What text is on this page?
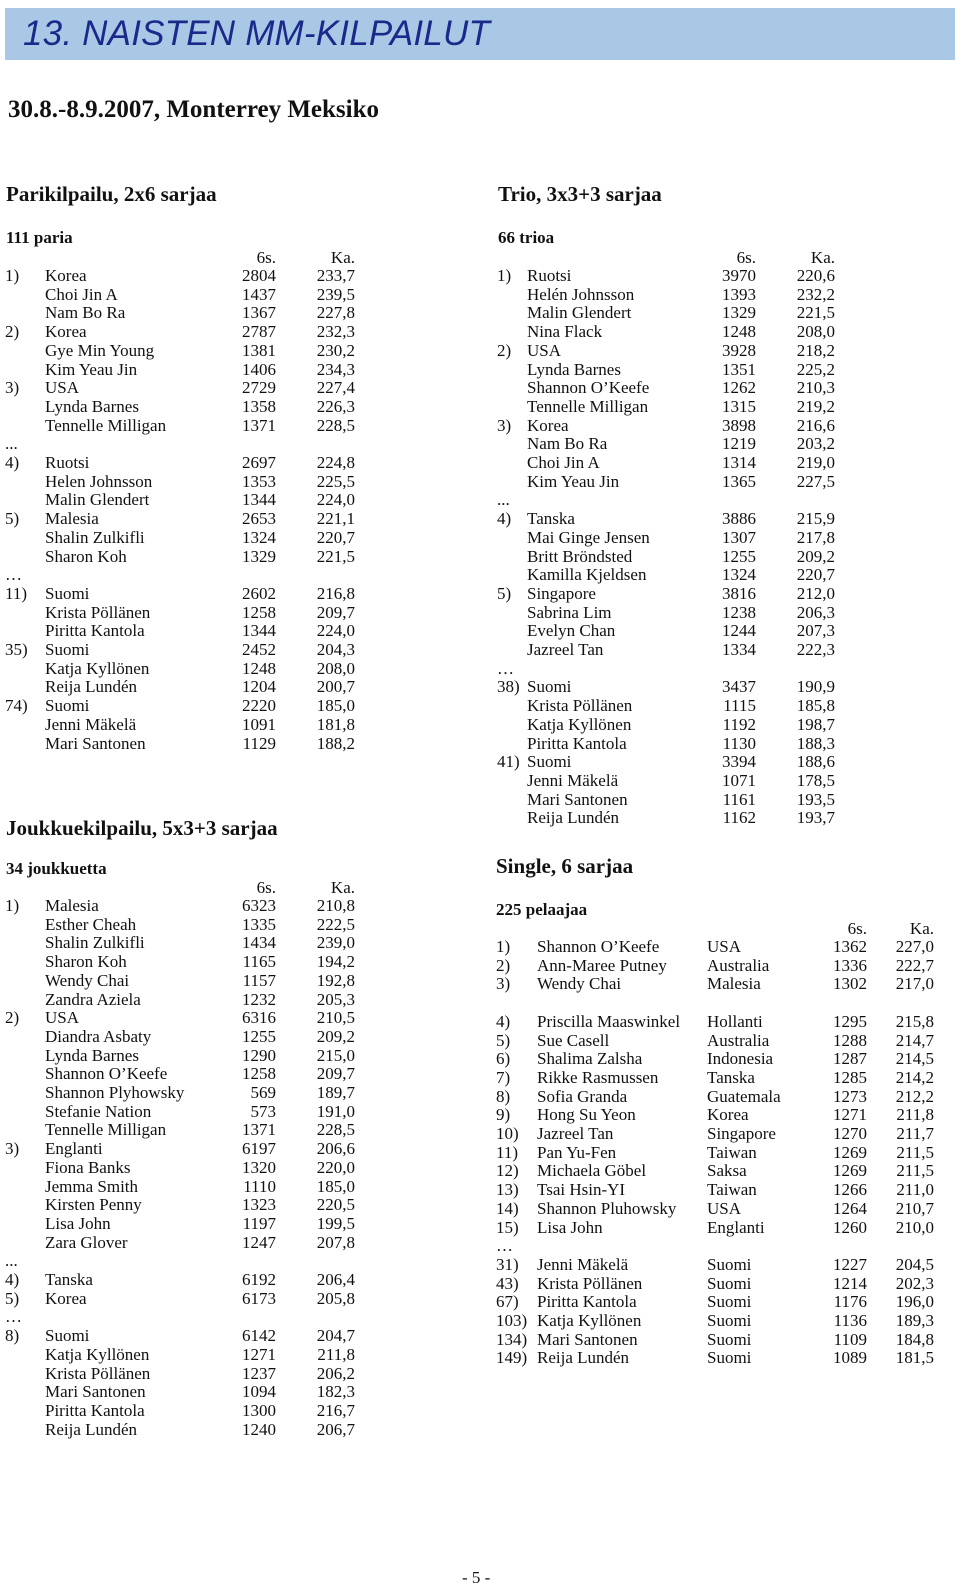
13. NAISTEN MM-KILPAILUT
30.8.-8.9.2007, Monterrey Meksiko
Parikilpailu, 2x6 sarjaa
111 paria
6s.	Ka.
1)	Korea	2804	233,7
Choi Jin A	1437	239,5
Nam Bo Ra	1367	227,8
2)	Korea	2787	232,3
Gye Min Young	1381	230,2
Kim Yeau Jin	1406	234,3
3)	USA	2729	227,4
Lynda Barnes	1358	226,3
Tennelle Milligan	1371	228,5
...
4)	Ruotsi	2697	224,8
Helen Johnsson	1353	225,5
Malin Glendert	1344	224,0
5)	Malesia	2653	221,1
Shalin Zulkifli	1324	220,7
Sharon Koh	1329	221,5
…
11)	Suomi	2602	216,8
Krista Pöllänen	1258	209,7
Piritta Kantola	1344	224,0
35)	Suomi	2452	204,3
Katja Kyllönen	1248	208,0
Reija Lundén	1204	200,7
74)	Suomi	2220	185,0
Jenni Mäkelä	1091	181,8
Mari Santonen	1129	188,2
Joukkuekilpailu, 5x3+3 sarjaa
34 joukkuetta
6s.	Ka.
1)	Malesia	6323	210,8
Esther Cheah	1335	222,5
Shalin Zulkifli	1434	239,0
Sharon Koh	1165	194,2
Wendy Chai	1157	192,8
Zandra Aziela	1232	205,3
2)	USA	6316	210,5
Diandra Asbaty	1255	209,2
Lynda Barnes	1290	215,0
Shannon O’Keefe	1258	209,7
Shannon Plyhowsky	569	189,7
Stefanie Nation	573	191,0
Tennelle Milligan	1371	228,5
3)	Englanti	6197	206,6
Fiona Banks	1320	220,0
Jemma Smith	1110	185,0
Kirsten Penny	1323	220,5
Lisa John	1197	199,5
Zara Glover	1247	207,8
...
4)	Tanska	6192	206,4
5)	Korea	6173	205,8
…
8)	Suomi	6142	204,7
Katja Kyllönen	1271	211,8
Krista Pöllänen	1237	206,2
Mari Santonen	1094	182,3
Piritta Kantola	1300	216,7
Reija Lundén	1240	206,7
Trio, 3x3+3 sarjaa
66 trioa
6s.	Ka.
1) Ruotsi	3970	220,6
Helén Johnsson	1393	232,2
Malin Glendert	1329	221,5
Nina Flack	1248	208,0
2) USA	3928	218,2
Lynda Barnes	1351	225,2
Shannon O’Keefe	1262	210,3
Tennelle Milligan	1315	219,2
3) Korea	3898	216,6
Nam Bo Ra	1219	203,2
Choi Jin A	1314	219,0
Kim Yeau Jin	1365	227,5
...
4) Tanska	3886	215,9
Mai Ginge Jensen	1307	217,8
Britt Bröndsted	1255	209,2
Kamilla Kjeldsen	1324	220,7
5) Singapore	3816	212,0
Sabrina Lim	1238	206,3
Evelyn Chan	1244	207,3
Jazreel Tan	1334	222,3
…
38) Suomi	3437	190,9
Krista Pöllänen	1115	185,8
Katja Kyllönen	1192	198,7
Piritta Kantola	1130	188,3
41) Suomi	3394	188,6
Jenni Mäkelä	1071	178,5
Mari Santonen	1161	193,5
Reija Lundén	1162	193,7
Single, 6 sarjaa
225 pelaajaa
6s.	Ka.
1)	Shannon O’Keefe	USA	1362	227,0
2)	Ann-Maree Putney	Australia	1336	222,7
3)	Wendy Chai	Malesia	1302	217,0
4)	Priscilla Maaswinkel	Hollanti	1295	215,8
5)	Sue Casell	Australia	1288	214,7
6)	Shalima Zalsha	Indonesia	1287	214,5
7)	Rikke Rasmussen	Tanska	1285	214,2
8)	Sofia Granda	Guatemala	1273	212,2
9)	Hong Su Yeon	Korea	1271	211,8
10)	Jazreel Tan	Singapore	1270	211,7
11)	Pan Yu-Fen	Taiwan	1269	211,5
12)	Michaela Göbel	Saksa	1269	211,5
13)	Tsai Hsin-YI	Taiwan	1266	211,0
14)	Shannon Pluhowsky	USA	1264	210,7
15)	Lisa John	Englanti	1260	210,0
…
31)	Jenni Mäkelä	Suomi	1227	204,5
43)	Krista Pöllänen	Suomi	1214	202,3
67)	Piritta Kantola	Suomi	1176	196,0
103) Katja Kyllönen	Suomi	1136	189,3
134) Mari Santonen	Suomi	1109	184,8
149) Reija Lundén	Suomi	1089	181,5
- 5 -
